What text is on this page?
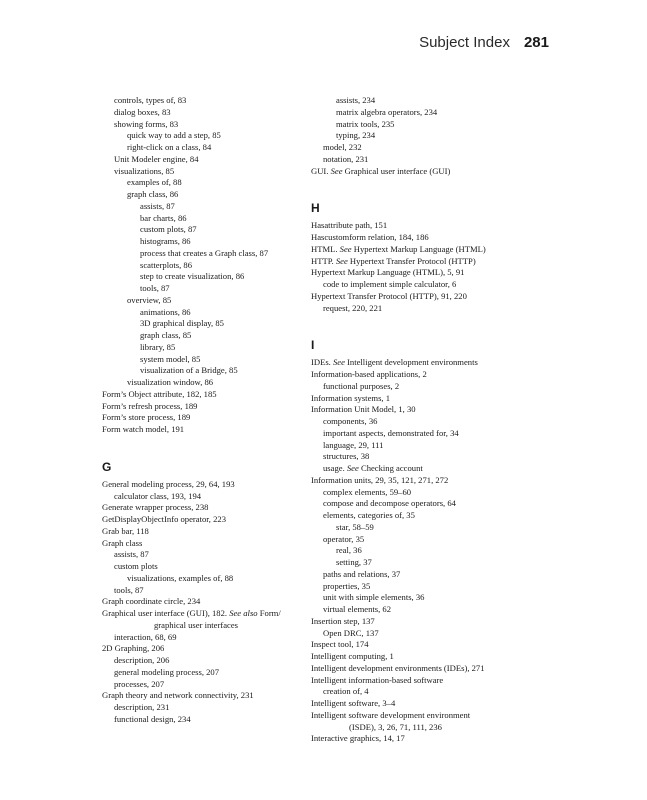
Subject Index 281
controls, types of, 83
dialog boxes, 83
showing forms, 83
quick way to add a step, 85
right-click on a class, 84
Unit Modeler engine, 84
visualizations, 85
examples of, 88
graph class, 86
assists, 87
bar charts, 86
custom plots, 87
histograms, 86
process that creates a Graph class, 87
scatterplots, 86
step to create visualization, 86
tools, 87
overview, 85
animations, 86
3D graphical display, 85
graph class, 85
library, 85
system model, 85
visualization of a Bridge, 85
visualization window, 86
Form’s Object attribute, 182, 185
Form’s refresh process, 189
Form’s store process, 189
Form watch model, 191
G
General modeling process, 29, 64, 193
calculator class, 193, 194
Generate wrapper process, 238
GetDisplayObjectInfo operator, 223
Grab bar, 118
Graph class
assists, 87
custom plots
visualizations, examples of, 88
tools, 87
Graph coordinate circle, 234
Graphical user interface (GUI), 182. See also Form/
graphical user interfaces
interaction, 68, 69
2D Graphing, 206
description, 206
general modeling process, 207
processes, 207
Graph theory and network connectivity, 231
description, 231
functional design, 234
assists, 234
matrix algebra operators, 234
matrix tools, 235
typing, 234
model, 232
notation, 231
GUI. See Graphical user interface (GUI)
H
Hasattribute path, 151
Hascustomform relation, 184, 186
HTML. See Hypertext Markup Language (HTML)
HTTP. See Hypertext Transfer Protocol (HTTP)
Hypertext Markup Language (HTML), 5, 91
code to implement simple calculator, 6
Hypertext Transfer Protocol (HTTP), 91, 220
request, 220, 221
I
IDEs. See Intelligent development environments
Information-based applications, 2
functional purposes, 2
Information systems, 1
Information Unit Model, 1, 30
components, 36
important aspects, demonstrated for, 34
language, 29, 111
structures, 38
usage. See Checking account
Information units, 29, 35, 121, 271, 272
complex elements, 59–60
compose and decompose operators, 64
elements, categories of, 35
star, 58–59
operator, 35
real, 36
setting, 37
paths and relations, 37
properties, 35
unit with simple elements, 36
virtual elements, 62
Insertion step, 137
Open DRC, 137
Inspect tool, 174
Intelligent computing, 1
Intelligent development environments (IDEs), 271
Intelligent information-based software
creation of, 4
Intelligent software, 3–4
Intelligent software development environment
(ISDE), 3, 26, 71, 111, 236
Interactive graphics, 14, 17
